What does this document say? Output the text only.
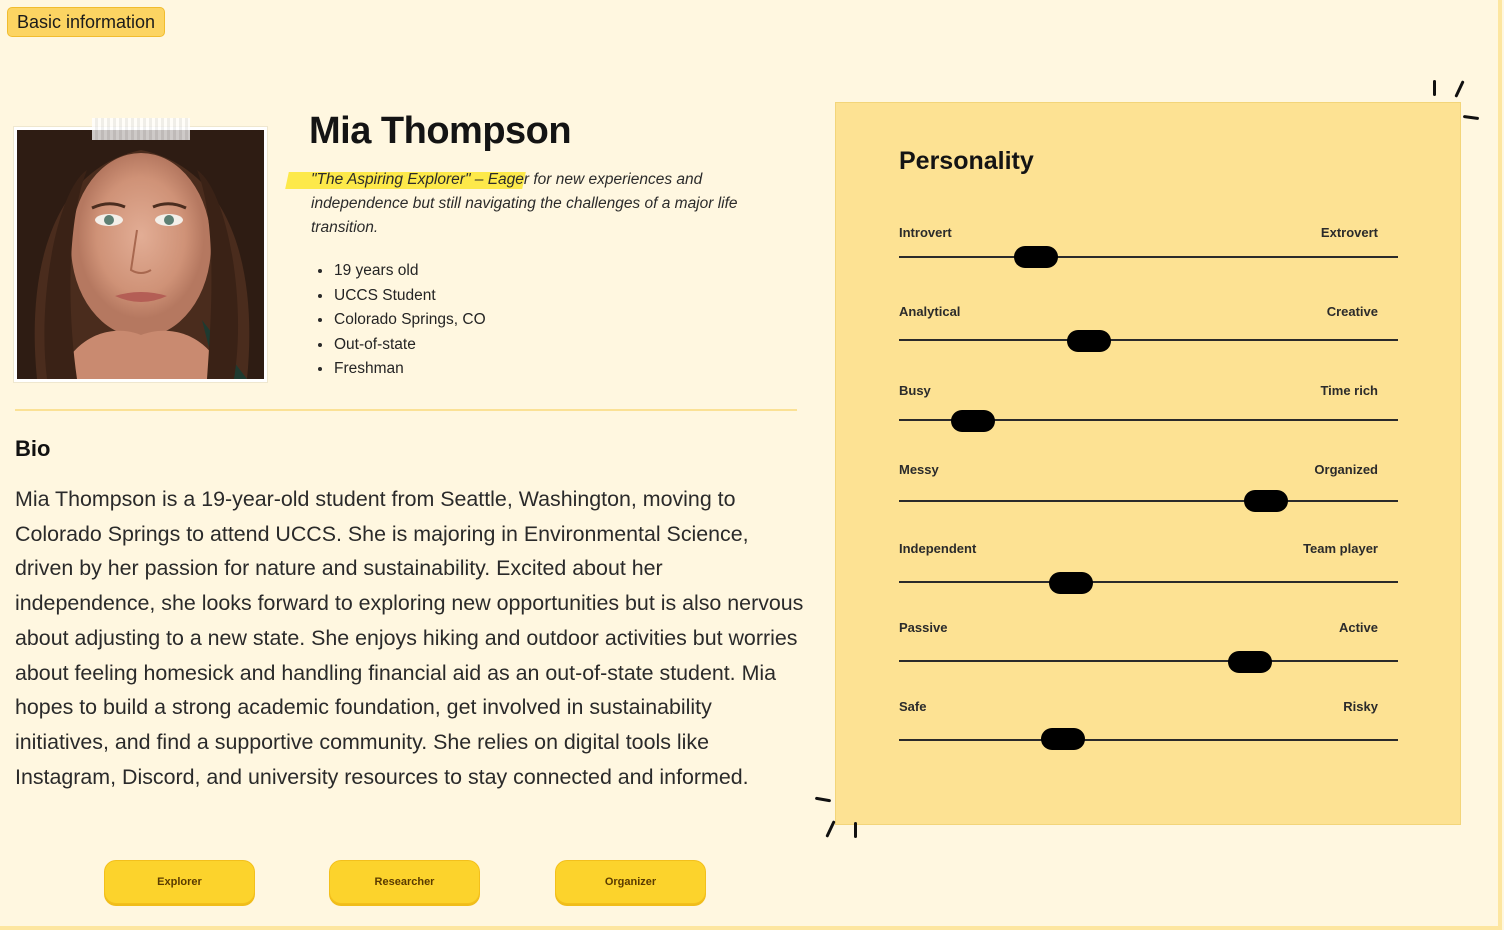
Basic information
Mia Thompson
"The Aspiring Explorer" – Eager for new experiences and independence but still navigating the challenges of a major life transition.
19 years old
UCCS Student
Colorado Springs, CO
Out-of-state
Freshman
Bio
Mia Thompson is a 19-year-old student from Seattle, Washington, moving to Colorado Springs to attend UCCS. She is majoring in Environmental Science, driven by her passion for nature and sustainability. Excited about her independence, she looks forward to exploring new opportunities but is also nervous about adjusting to a new state. She enjoys hiking and outdoor activities but worries about feeling homesick and handling financial aid as an out-of-state student. Mia hopes to build a strong academic foundation, get involved in sustainability initiatives, and find a supportive community. She relies on digital tools like Instagram, Discord, and university resources to stay connected and informed.
Explorer	Researcher	Organizer
Personality
Introvert	Extrovert
Analytical	Creative
Busy	Time rich
Messy	Organized
Independent	Team player
Passive	Active
Safe	Risky
